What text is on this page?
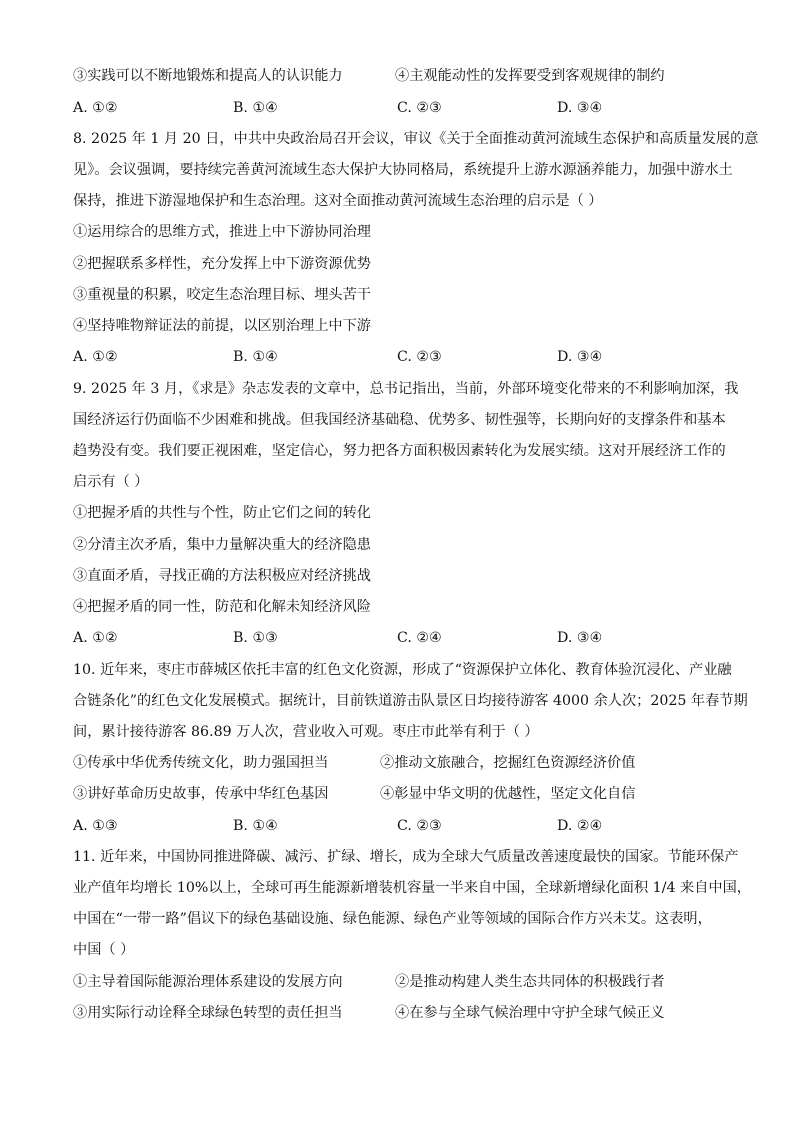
③实践可以不断地锻炼和提高人的认识能力	④主观能动性的发挥要受到客观规律的制约
A. ①②	B. ①④	C. ②③	D. ③④
8. 2025 年 1 月 20 日，中共中央政治局召开会议，审议《关于全面推动黄河流域生态保护和高质量发展的意
见》。会议强调，要持续完善黄河流域生态大保护大协同格局，系统提升上游水源涵养能力，加强中游水土
保持，推进下游湿地保护和生态治理。这对全面推动黄河流域生态治理的启示是（ ）
①运用综合的思维方式，推进上中下游协同治理
②把握联系多样性，充分发挥上中下游资源优势
③重视量的积累，咬定生态治理目标、埋头苦干
④坚持唯物辩证法的前提，以区别治理上中下游
A. ①②	B. ①④	C. ②③	D. ③④
9. 2025 年 3 月，《求是》杂志发表的文章中，总书记指出，当前，外部环境变化带来的不利影响加深，我
国经济运行仍面临不少困难和挑战。但我国经济基础稳、优势多、韧性强等，长期向好的支撑条件和基本
趋势没有变。我们要正视困难，坚定信心，努力把各方面积极因素转化为发展实绩。这对开展经济工作的
启示有（ ）
①把握矛盾的共性与个性，防止它们之间的转化
②分清主次矛盾，集中力量解决重大的经济隐患
③直面矛盾，寻找正确的方法积极应对经济挑战
④把握矛盾的同一性，防范和化解未知经济风险
A. ①②	B. ①③	C. ②④	D. ③④
10. 近年来，枣庄市薛城区依托丰富的红色文化资源，形成了“资源保护立体化、教育体验沉浸化、产业融
合链条化”的红色文化发展模式。据统计，目前铁道游击队景区日均接待游客 4000 余人次；2025 年春节期
间，累计接待游客 86.89 万人次，营业收入可观。枣庄市此举有利于（ ）
①传承中华优秀传统文化，助力强国担当	②推动文旅融合，挖掘红色资源经济价值
③讲好革命历史故事，传承中华红色基因	④彰显中华文明的优越性，坚定文化自信
A. ①③	B. ①④	C. ②③	D. ②④
11. 近年来，中国协同推进降碳、减污、扩绿、增长，成为全球大气质量改善速度最快的国家。节能环保产
业产值年均增长 10%以上，全球可再生能源新增装机容量一半来自中国，全球新增绿化面积 1/4 来自中国，
中国在“一带一路”倡议下的绿色基础设施、绿色能源、绿色产业等领域的国际合作方兴未艾。这表明，
中国（ ）
①主导着国际能源治理体系建设的发展方向	②是推动构建人类生态共同体的积极践行者
③用实际行动诠释全球绿色转型的责任担当	④在参与全球气候治理中守护全球气候正义
